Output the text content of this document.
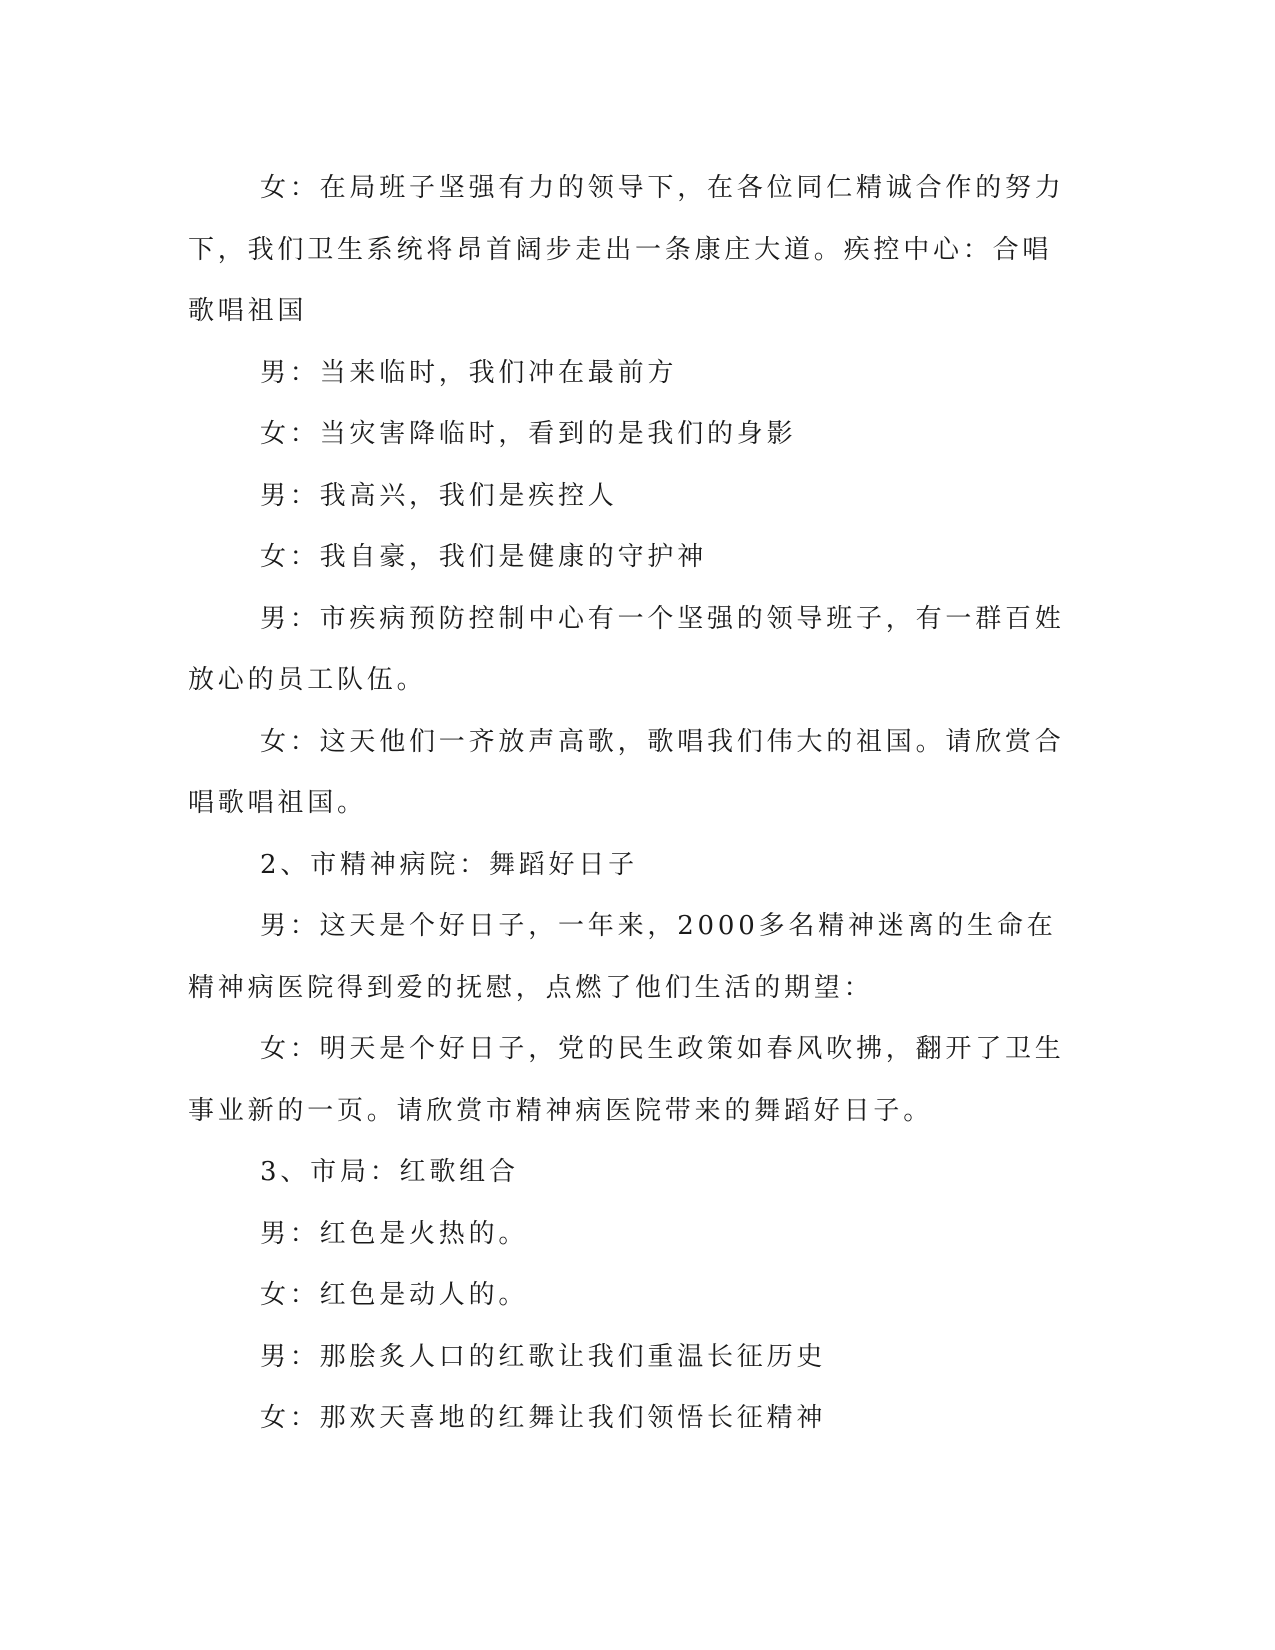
女：在局班子坚强有力的领导下，在各位同仁精诚合作的努力下，我们卫生系统将昂首阔步走出一条康庄大道。疾控中心：合唱歌唱祖国

男：当来临时，我们冲在最前方

女：当灾害降临时，看到的是我们的身影

男：我高兴，我们是疾控人

女：我自豪，我们是健康的守护神

男：市疾病预防控制中心有一个坚强的领导班子，有一群百姓放心的员工队伍。

女：这天他们一齐放声高歌，歌唱我们伟大的祖国。请欣赏合唱歌唱祖国。

2、市精神病院：舞蹈好日子

男：这天是个好日子，一年来，2000多名精神迷离的生命在精神病医院得到爱的抚慰，点燃了他们生活的期望：

女：明天是个好日子，党的民生政策如春风吹拂，翻开了卫生事业新的一页。请欣赏市精神病医院带来的舞蹈好日子。

3、市局：红歌组合

男：红色是火热的。

女：红色是动人的。

男：那脍炙人口的红歌让我们重温长征历史

女：那欢天喜地的红舞让我们领悟长征精神
